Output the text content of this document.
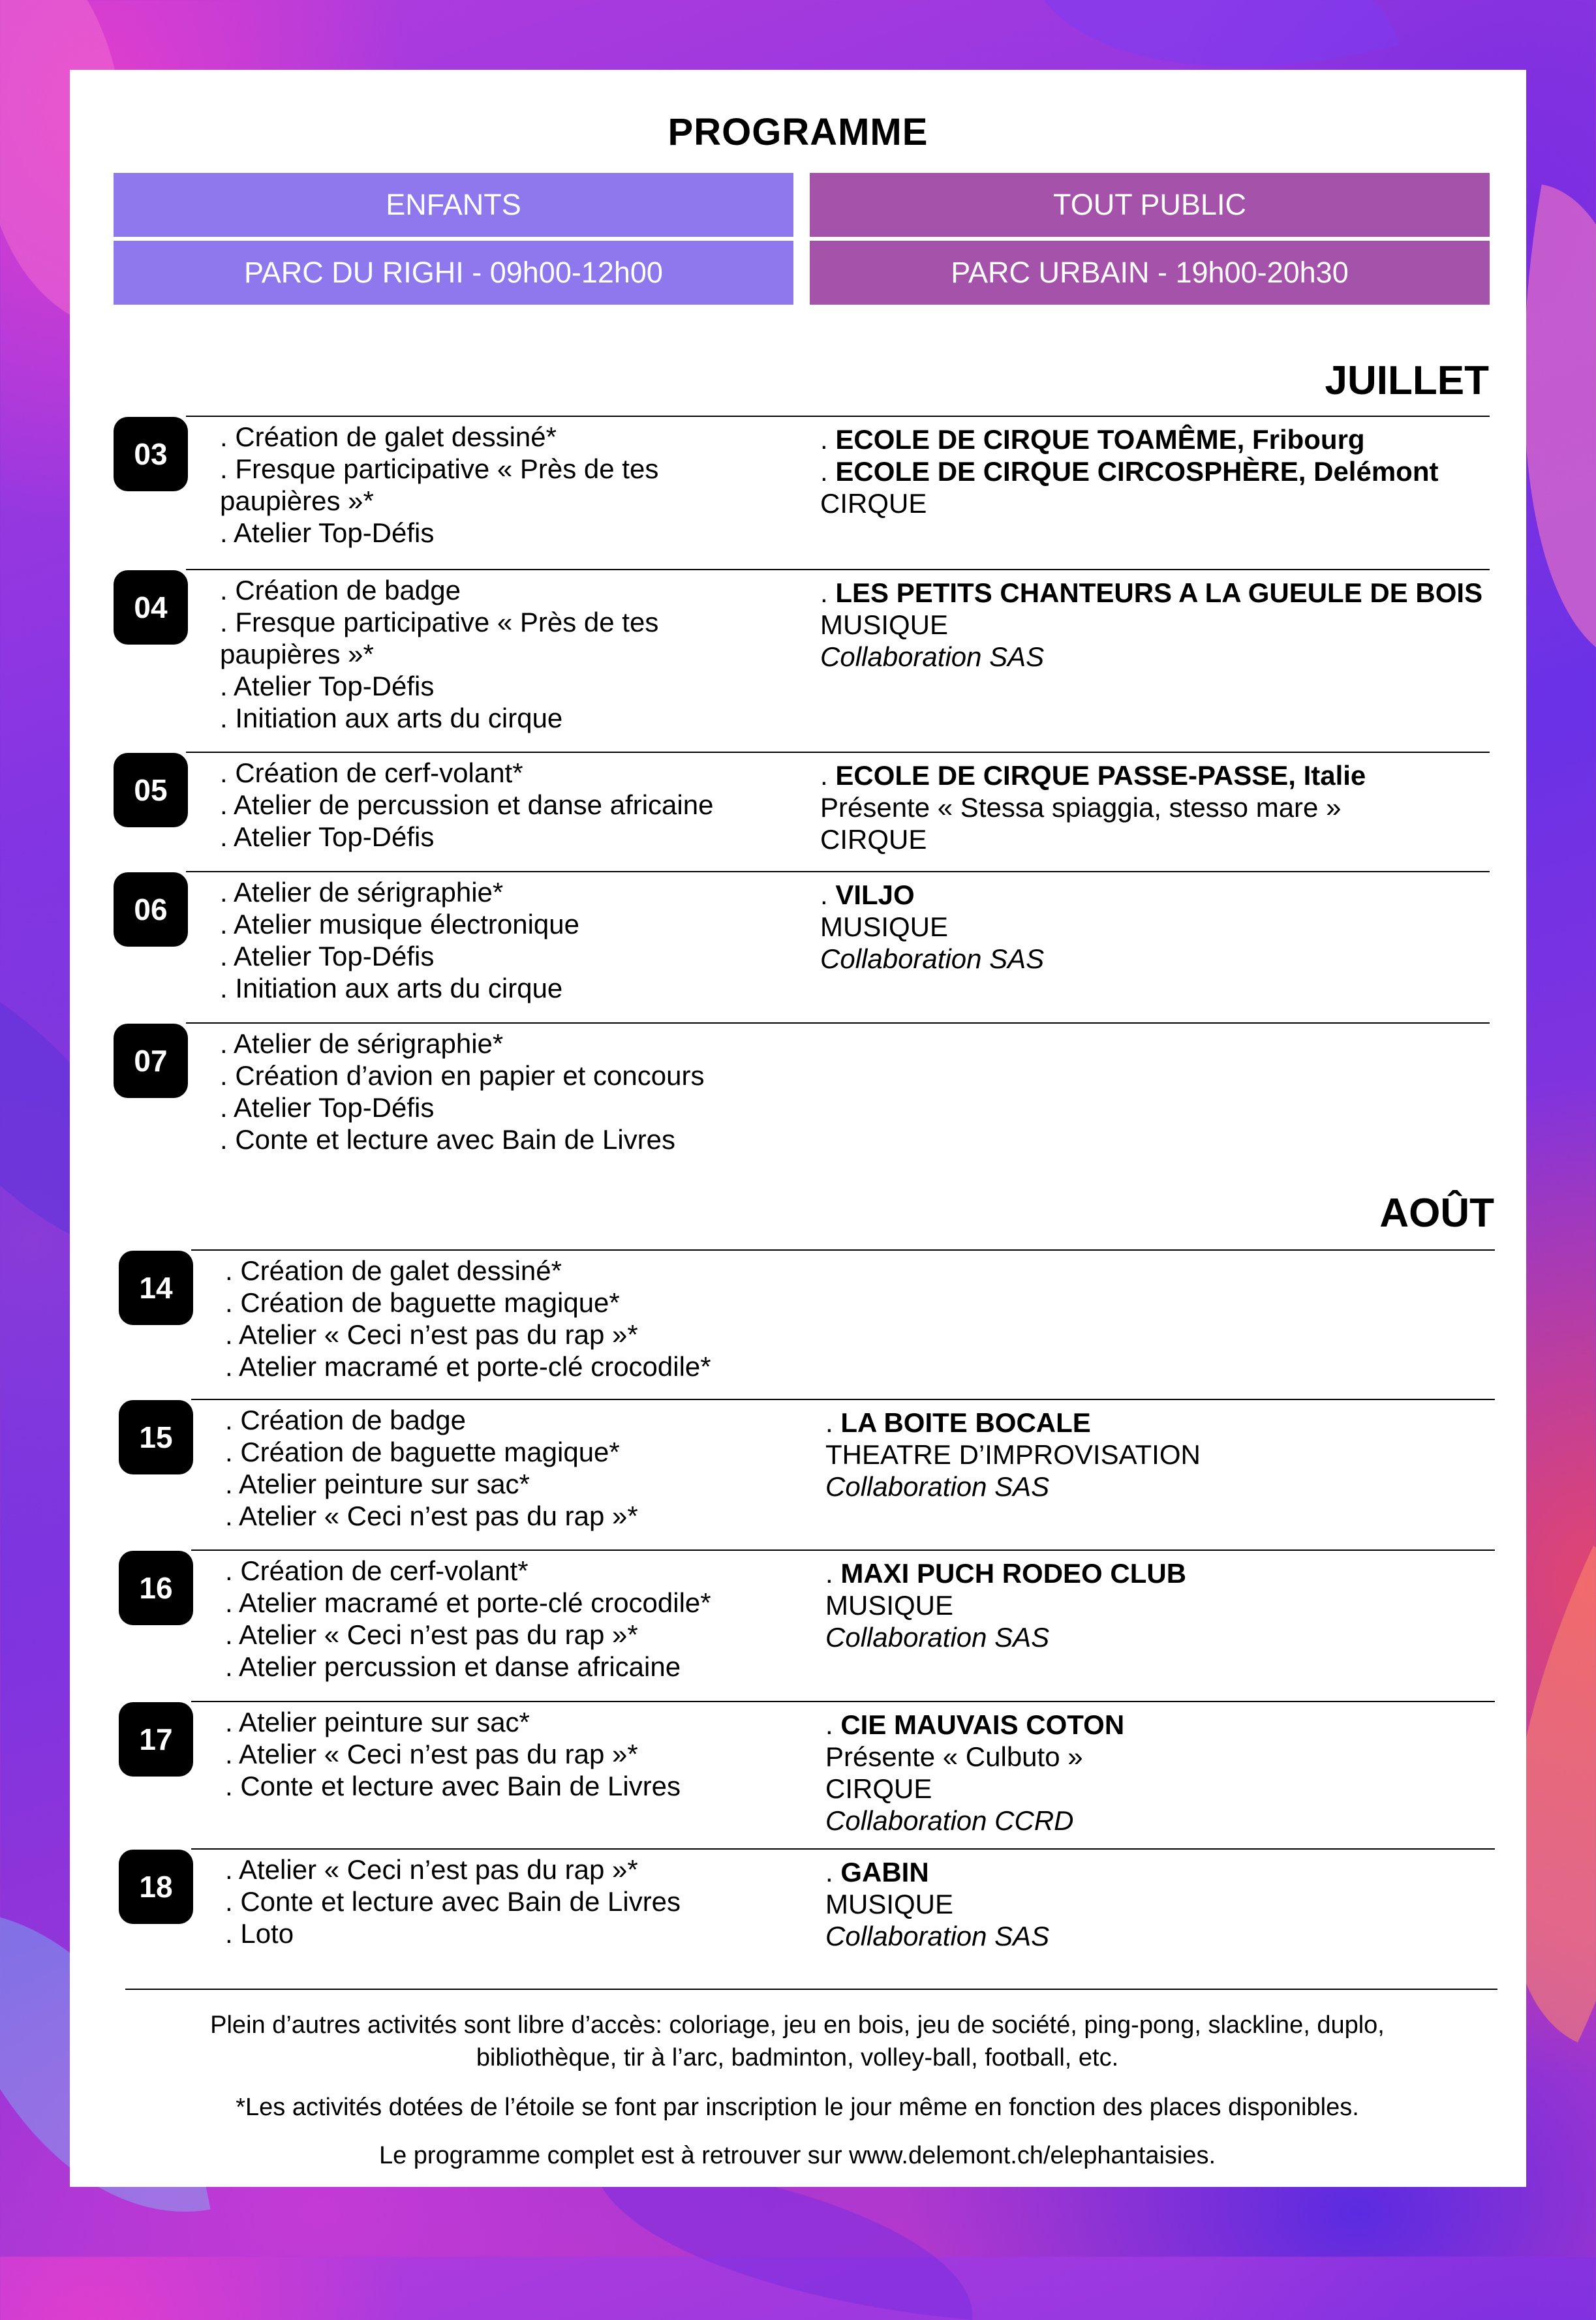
PROGRAMME
ENFANTS
PARC DU RIGHI - 09h00-12h00
TOUT PUBLIC
PARC URBAIN - 19h00-20h30
JUILLET
03
. Création de galet dessiné*
. Fresque participative « Près de tes paupières »*
. Atelier Top-Défis
. ECOLE DE CIRQUE TOAMÊME, Fribourg
. ECOLE DE CIRQUE CIRCOSPHÈRE, Delémont
CIRQUE
04
. Création de badge
. Fresque participative « Près de tes paupières »*
. Atelier Top-Défis
. Initiation aux arts du cirque
. LES PETITS CHANTEURS A LA GUEULE DE BOIS
MUSIQUE
Collaboration SAS
05
. Création de cerf-volant*
. Atelier de percussion et danse africaine
. Atelier Top-Défis
. ECOLE DE CIRQUE PASSE-PASSE, Italie
Présente « Stessa spiaggia, stesso mare »
CIRQUE
06
. Atelier de sérigraphie*
. Atelier musique électronique
. Atelier Top-Défis
. Initiation aux arts du cirque
. VILJO
MUSIQUE
Collaboration SAS
07
. Atelier de sérigraphie*
. Création d’avion en papier et concours
. Atelier Top-Défis
. Conte et lecture avec Bain de Livres
AOÛT
14
. Création de galet dessiné*
. Création de baguette magique*
. Atelier « Ceci n’est pas du rap »*
. Atelier macramé et porte-clé crocodile*
15
. Création de badge
. Création de baguette magique*
. Atelier peinture sur sac*
. Atelier « Ceci n’est pas du rap »*
. LA BOITE BOCALE
THEATRE D’IMPROVISATION
Collaboration SAS
16
. Création de cerf-volant*
. Atelier macramé et porte-clé crocodile*
. Atelier « Ceci n’est pas du rap »*
. Atelier percussion et danse africaine
. MAXI PUCH RODEO CLUB
MUSIQUE
Collaboration SAS
17
. Atelier peinture sur sac*
. Atelier « Ceci n’est pas du rap »*
. Conte et lecture avec Bain de Livres
. CIE MAUVAIS COTON
Présente « Culbuto »
CIRQUE
Collaboration CCRD
18
. Atelier « Ceci n’est pas du rap »*
. Conte et lecture avec Bain de Livres
. Loto
. GABIN
MUSIQUE
Collaboration SAS
Plein d’autres activités sont libre d’accès: coloriage, jeu en bois, jeu de société, ping-pong, slackline, duplo, bibliothèque, tir à l’arc, badminton, volley-ball, football, etc.
*Les activités dotées de l’étoile se font par inscription le jour même en fonction des places disponibles.
Le programme complet est à retrouver sur www.delemont.ch/elephantaisies.
